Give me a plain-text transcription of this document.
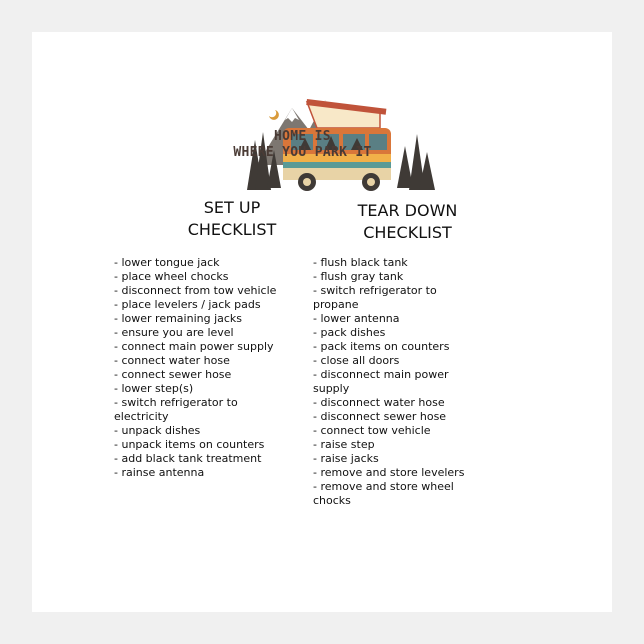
HOME IS
WHERE YOU PARK IT
SET UP
CHECKLIST
TEAR DOWN
CHECKLIST
- lower tongue jack
- place wheel chocks
- disconnect from tow vehicle
- place levelers / jack pads
- lower remaining jacks
- ensure you are level
- connect main power supply
- connect water hose
- connect sewer hose
- lower step(s)
- switch refrigerator to
electricity
- unpack dishes
- unpack items on counters
- add black tank treatment
- rainse antenna
- flush black tank
- flush gray tank
- switch refrigerator to
propane
- lower antenna
- pack dishes
- pack items on counters
- close all doors
- disconnect main power
supply
- disconnect water hose
- disconnect sewer hose
- connect tow vehicle
- raise step
- raise jacks
- remove and store levelers
- remove and store wheel
chocks
